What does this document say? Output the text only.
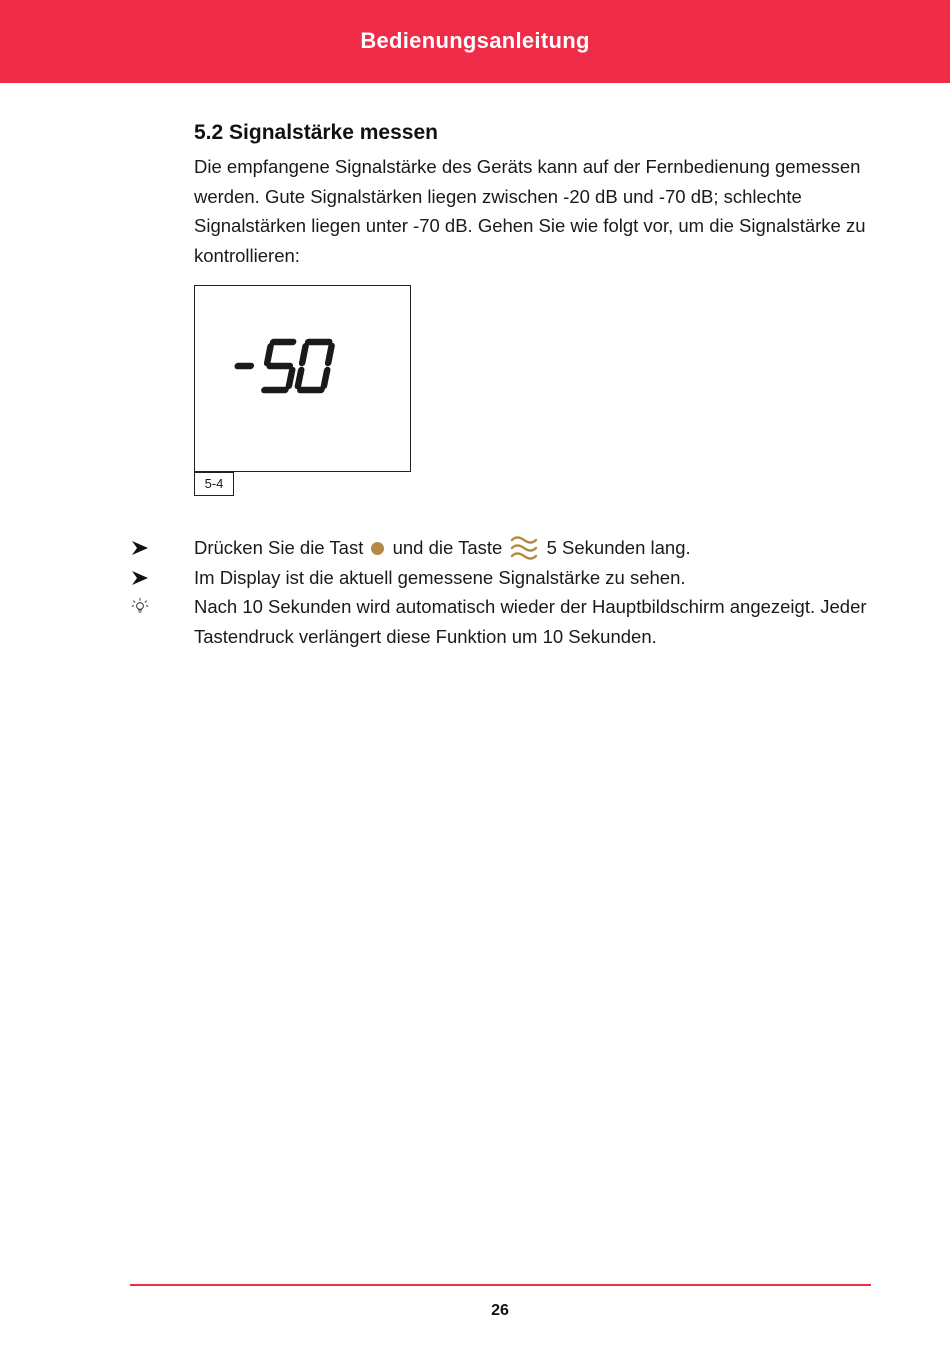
Bedienungsanleitung
5.2 Signalstärke messen
Die empfangene Signalstärke des Geräts kann auf der Fernbedienung gemessen werden. Gute Signalstärken liegen zwischen -20 dB und -70 dB; schlechte Signalstärken liegen unter -70 dB. Gehen Sie wie folgt vor, um die Signalstärke zu kontrollieren:
5-4
Drücken Sie die Tast und die Taste 5 Sekunden lang.
Im Display ist die aktuell gemessene Signalstärke zu sehen.
Nach 10 Sekunden wird automatisch wieder der Hauptbildschirm angezeigt. Jeder Tastendruck verlängert diese Funktion um 10 Sekunden.
26
